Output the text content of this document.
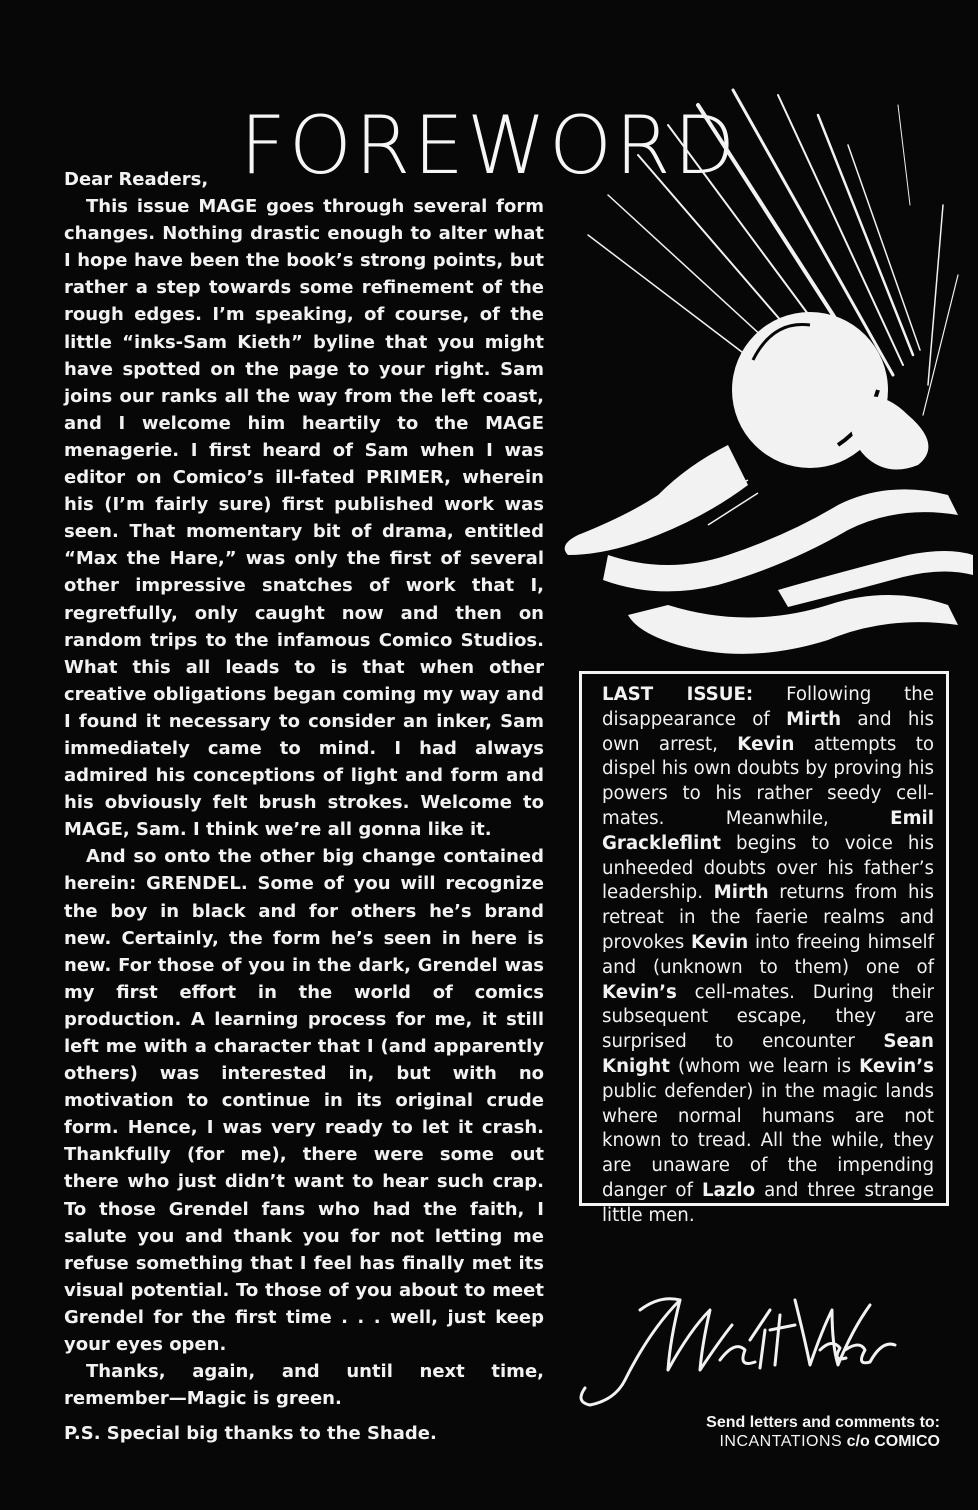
FOREWORD

Dear Readers,

This issue MAGE goes through several form changes. Nothing drastic enough to alter what I hope have been the book’s strong points, but rather a step towards some refinement of the rough edges. I’m speaking, of course, of the little “inks-Sam Kieth” byline that you might have spotted on the page to your right. Sam joins our ranks all the way from the left coast, and I welcome him heartily to the MAGE menagerie. I first heard of Sam when I was editor on Comico’s ill-fated PRIMER, wherein his (I’m fairly sure) first published work was seen. That momentary bit of drama, entitled “Max the Hare,” was only the first of several other impressive snatches of work that I, regretfully, only caught now and then on random trips to the infamous Comico Studios. What this all leads to is that when other creative obligations began coming my way and I found it necessary to consider an inker, Sam immediately came to mind. I had always admired his conceptions of light and form and his obviously felt brush strokes. Welcome to MAGE, Sam. I think we’re all gonna like it.

And so onto the other big change contained herein: GRENDEL. Some of you will recognize the boy in black and for others he’s brand new. Certainly, the form he’s seen in here is new. For those of you in the dark, Grendel was my first effort in the world of comics production. A learning process for me, it still left me with a character that I (and apparently others) was interested in, but with no motivation to continue in its original crude form. Hence, I was very ready to let it crash. Thankfully (for me), there were some out there who just didn’t want to hear such crap. To those Grendel fans who had the faith, I salute you and thank you for not letting me refuse something that I feel has finally met its visual potential. To those of you about to meet Grendel for the first time . . . well, just keep your eyes open.

Thanks, again, and until next time, remember—Magic is green.

P.S. Special big thanks to the Shade.

LAST ISSUE: Following the disappearance of Mirth and his own arrest, Kevin attempts to dispel his own doubts by proving his powers to his rather seedy cell-mates. Meanwhile, Emil Grackleflint begins to voice his unheeded doubts over his father’s leadership. Mirth returns from his retreat in the faerie realms and provokes Kevin into freeing himself and (unknown to them) one of Kevin’s cell-mates. During their subsequent escape, they are surprised to encounter Sean Knight (whom we learn is Kevin’s public defender) in the magic lands where normal humans are not known to tread. All the while, they are unaware of the impending danger of Lazlo and three strange little men.

Send letters and comments to:
INCANTATIONS c/o COMICO
